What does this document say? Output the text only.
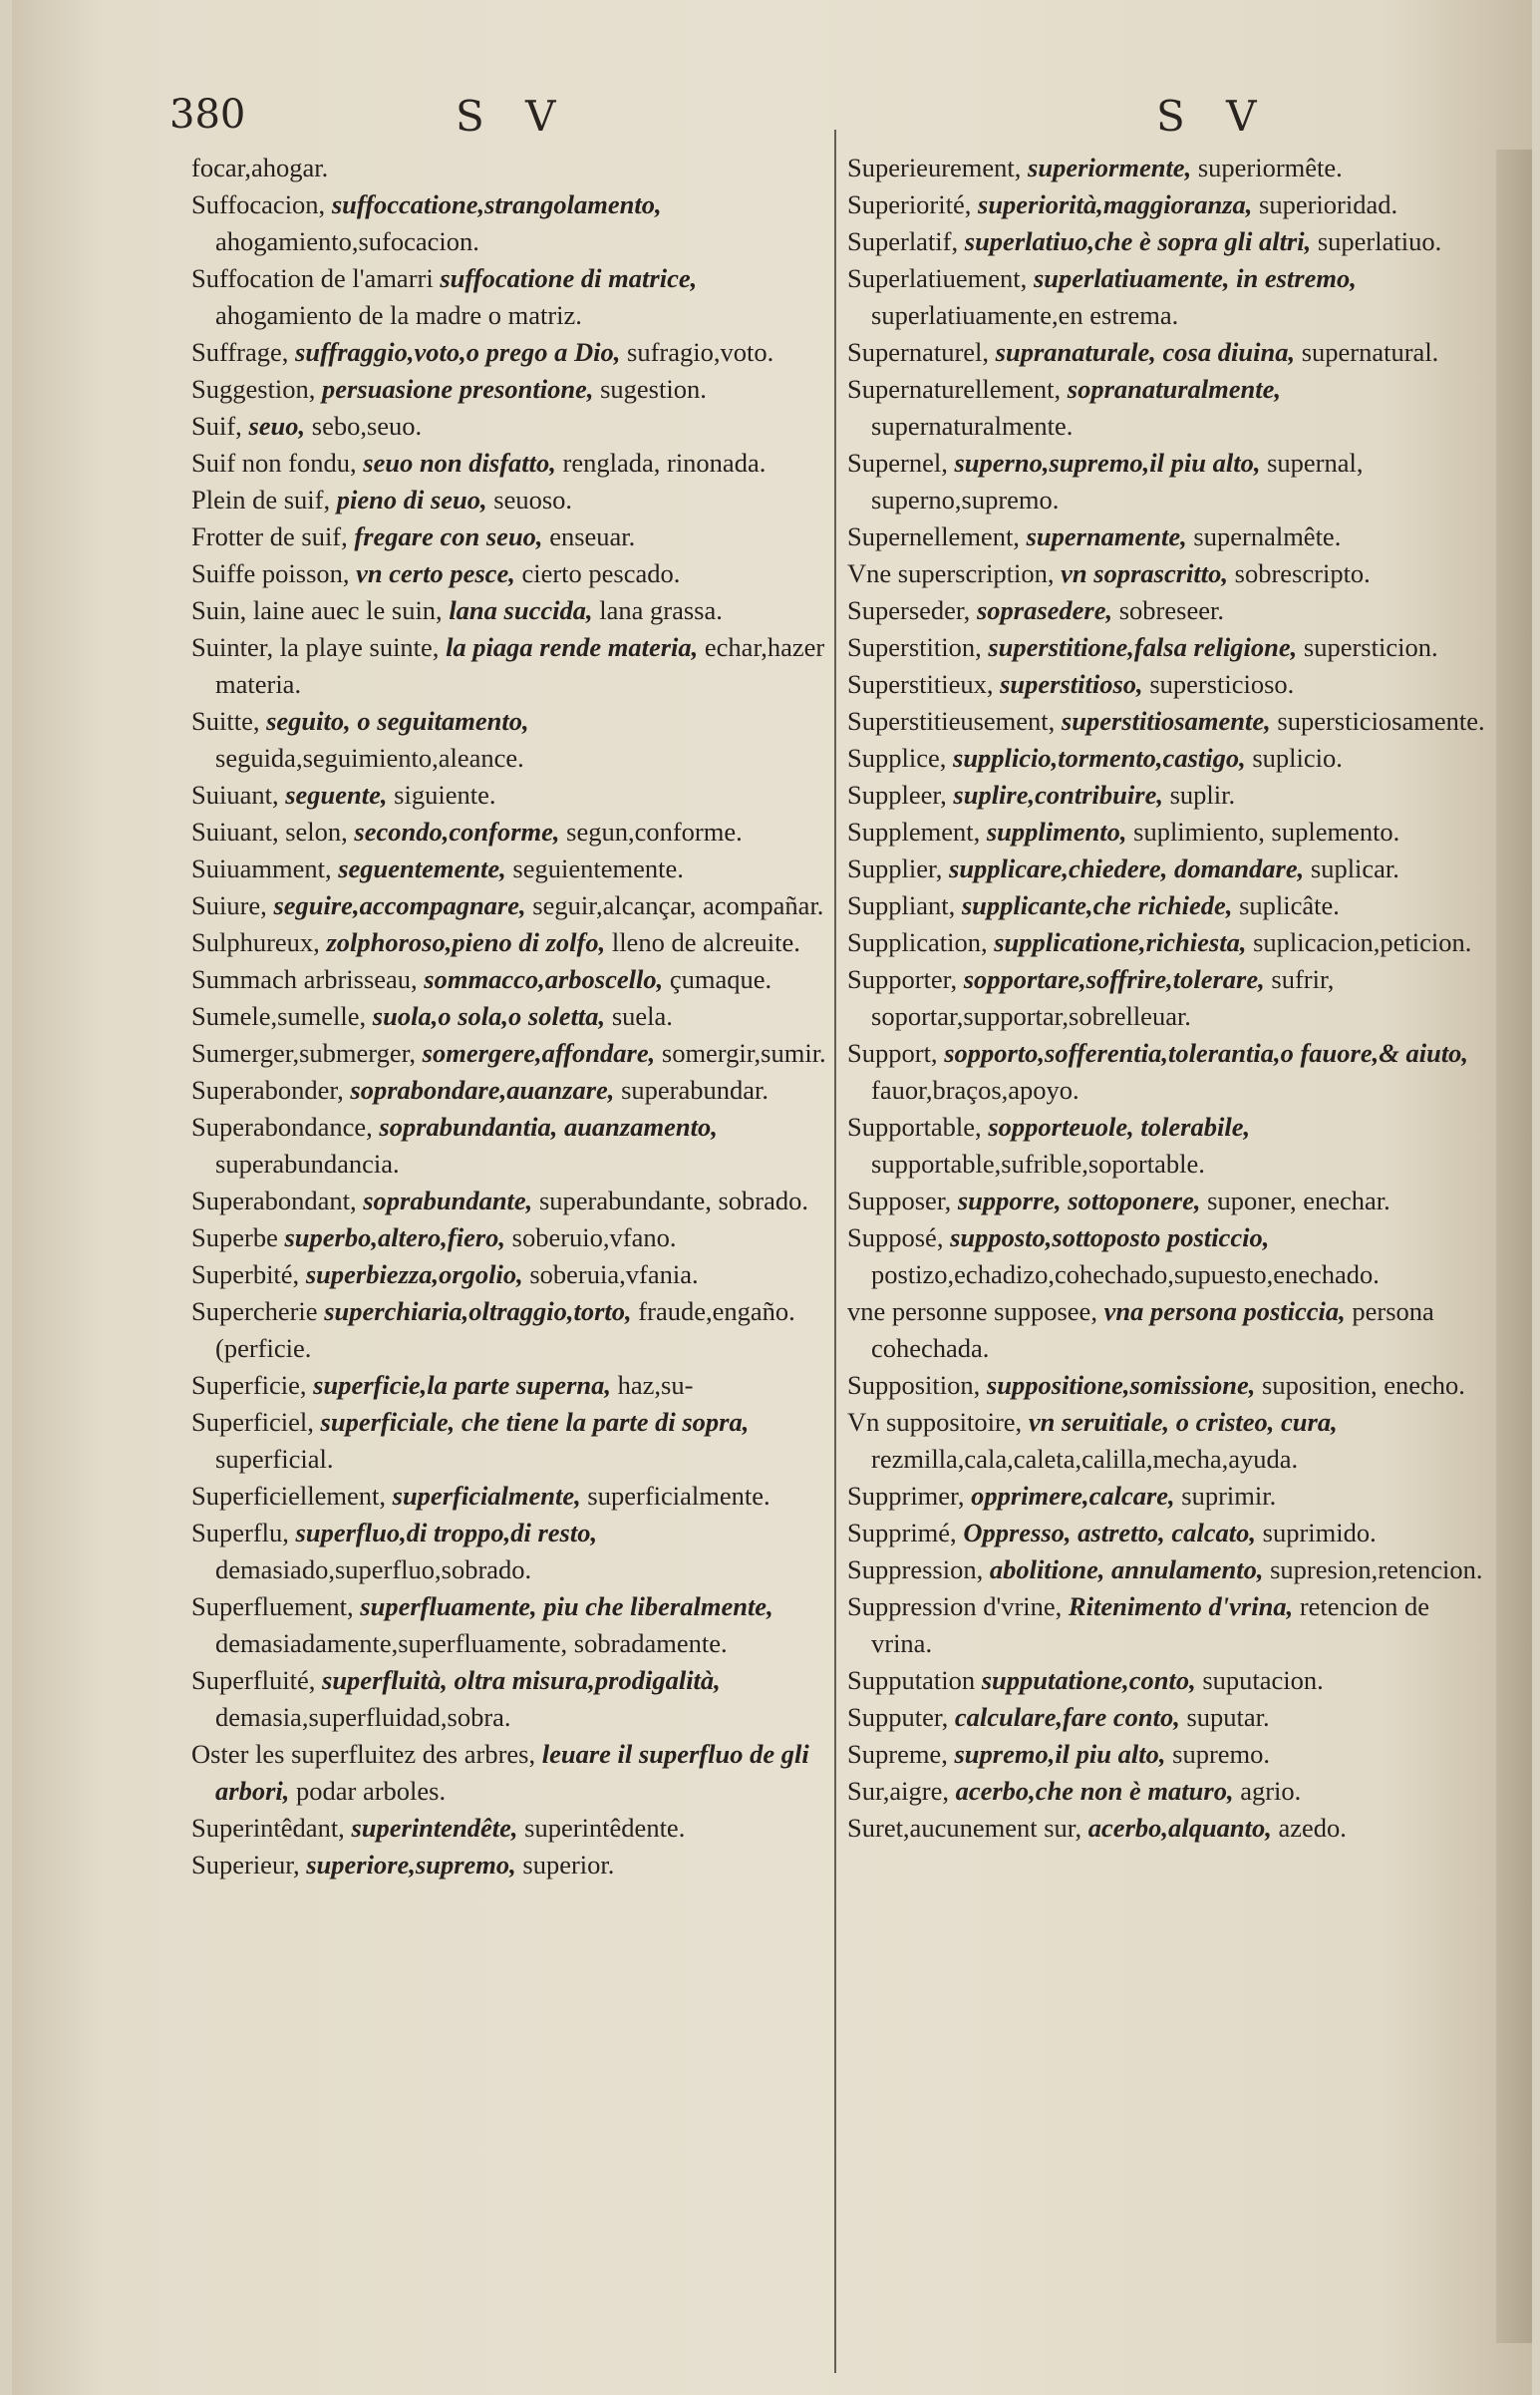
380	S V	S V
focar,ahogar.
Suffocacion, suffoccatione,strangolamento, ahogamiento,sufocacion.
Suffocation de l'amarri suffocatione di matrice, ahogamiento de la madre o matriz.
Suffrage, suffraggio,voto,o prego a Dio, sufragio,voto.
Suggestion, persuasione presontione, sugestion.
Suif, seuo, sebo,seuo.
Suif non fondu, seuo non disfatto, renglada, rinonada.
Plein de suif, pieno di seuo, seuoso.
Frotter de suif, fregare con seuo, enseuar.
Suiffe poisson, vn certo pesce, cierto pescado.
Suin, laine auec le suin, lana succida, lana grassa.
Suinter, la playe suinte, la piaga rende materia, echar,hazer materia.
Suitte, seguito, o seguitamento, seguida,seguimiento,aleance.
Suiuant, seguente, siguiente.
Suiuant, selon, secondo,conforme, segun,conforme.
Suiuamment, seguentemente, seguientemente.
Suiure, seguire,accompagnare, seguir,alcançar, acompañar.
Sulphureux, zolphoroso,pieno di zolfo, lleno de alcreuite.
Summach arbrisseau, sommacco,arboscello, çumaque.
Sumele,sumelle, suola,o sola,o soletta, suela.
Sumerger,submerger, somergere,affondare, somergir,sumir.
Superabonder, soprabondare,auanzare, superabundar.
Superabondance, soprabundantia, auanzamento, superabundancia.
Superabondant, soprabundante, superabundante, sobrado.
Superbe superbo,altero,fiero, soberuio,vfano.
Superbité, superbiezza,orgolio, soberuia,vfania.
Supercherie superchiaria,oltraggio,torto, fraude,engaño. (perficie.
Superficie, superficie,la parte superna, haz,su-
Superficiel, superficiale, che tiene la parte di sopra, superficial.
Superficiellement, superficialmente, superficialmente.
Superflu, superfluo,di troppo,di resto, demasiado,superfluo,sobrado.
Superfluement, superfluamente, piu che liberalmente, demasiadamente,superfluamente, sobradamente.
Superfluité, superfluità, oltra misura,prodigalità, demasia,superfluidad,sobra.
Oster les superfluitez des arbres, leuare il superfluo de gli arbori, podar arboles.
Superintêdant, superintendête, superintêdente.
Superieur, superiore,supremo, superior.
Superieurement, superiormente, superiormête.
Superiorité, superiorità,maggioranza, superioridad.
Superlatif, superlatiuo,che è sopra gli altri, superlatiuo.
Superlatiuement, superlatiuamente, in estremo, superlatiuamente,en estrema.
Supernaturel, supranaturale, cosa diuina, supernatural.
Supernaturellement, sopranaturalmente, supernaturalmente.
Supernel, superno,supremo,il piu alto, supernal, superno,supremo.
Supernellement, supernamente, supernalmête.
Vne superscription, vn soprascritto, sobrescripto.
Superseder, soprasedere, sobreseer.
Superstition, superstitione,falsa religione, supersticion.
Superstitieux, superstitioso, supersticioso.
Superstitieusement, superstitiosamente, supersticiosamente.
Supplice, supplicio,tormento,castigo, suplicio.
Suppleer, suplire,contribuire, suplir.
Supplement, supplimento, suplimiento, suplemento.
Supplier, supplicare,chiedere, domandare, suplicar.
Suppliant, supplicante,che richiede, suplicâte.
Supplication, supplicatione,richiesta, suplicacion,peticion.
Supporter, sopportare,soffrire,tolerare, sufrir, soportar,supportar,sobrelleuar.
Support, sopporto,sofferentia,tolerantia,o fauore,& aiuto, fauor,braços,apoyo.
Supportable, sopporteuole, tolerabile, supportable,sufrible,soportable.
Supposer, supporre, sottoponere, suponer, enechar.
Supposé, supposto,sottoposto posticcio, postizo,echadizo,cohechado,supuesto,enechado.
vne personne supposee, vna persona posticcia, persona cohechada.
Supposition, suppositione,somissione, suposition, enecho.
Vn suppositoire, vn seruitiale, o cristeo, cura, rezmilla,cala,caleta,calilla,mecha,ayuda.
Supprimer, opprimere,calcare, suprimir.
Supprimé, Oppresso, astretto, calcato, suprimido.
Suppression, abolitione, annulamento, supresion,retencion.
Suppression d'vrine, Ritenimento d'vrina, retencion de vrina.
Supputation supputatione,conto, suputacion.
Supputer, calculare,fare conto, suputar.
Supreme, supremo,il piu alto, supremo.
Sur,aigre, acerbo,che non è maturo, agrio.
Suret,aucunement sur, acerbo,alquanto, azedo.
